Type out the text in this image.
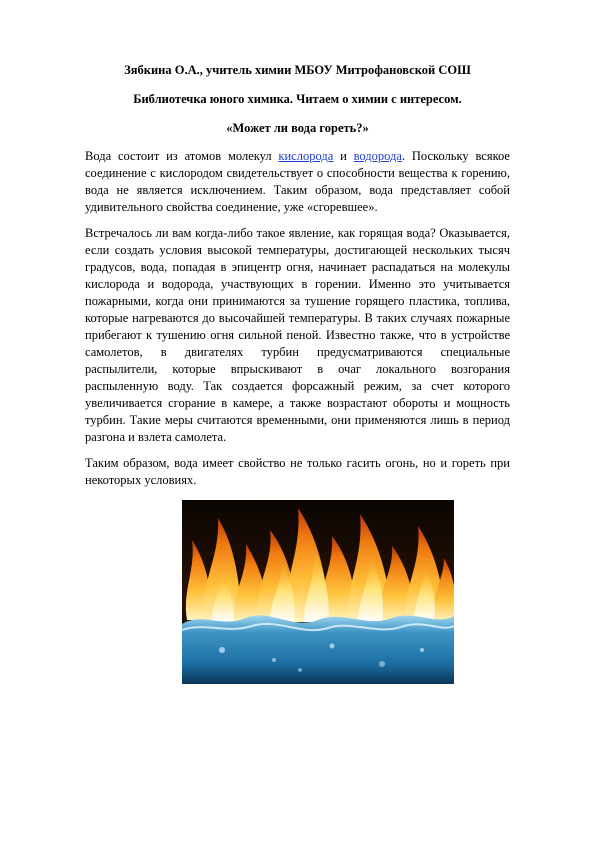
Зябкина О.А., учитель химии МБОУ Митрофановской СОШ

Библиотечка юного химика. Читаем о химии с интересом.

«Может ли вода гореть?»

Вода состоит из атомов молекул кислорода и водорода. Поскольку всякое соединение с кислородом свидетельствует о способности вещества к горению, вода не является исключением. Таким образом, вода представляет собой удивительного свойства соединение, уже «сгоревшее».

Встречалось ли вам когда-либо такое явление, как горящая вода? Оказывается, если создать условия высокой температуры, достигающей нескольких тысяч градусов, вода, попадая в эпицентр огня, начинает распадаться на молекулы кислорода и водорода, участвующих в горении. Именно это учитывается пожарными, когда они принимаются за тушение горящего пластика, топлива, которые нагреваются до высочайшей температуры. В таких случаях пожарные прибегают к тушению огня сильной пеной. Известно также, что в устройстве самолетов, в двигателях турбин предусматриваются специальные распылители, которые впрыскивают в очаг локального возгорания распыленную воду. Так создается форсажный режим, за счет которого увеличивается сгорание в камере, а также возрастают обороты и мощность турбин. Такие меры считаются временными, они применяются лишь в период разгона и взлета самолета.

Таким образом, вода имеет свойство не только гасить огонь, но и гореть при некоторых условиях.
